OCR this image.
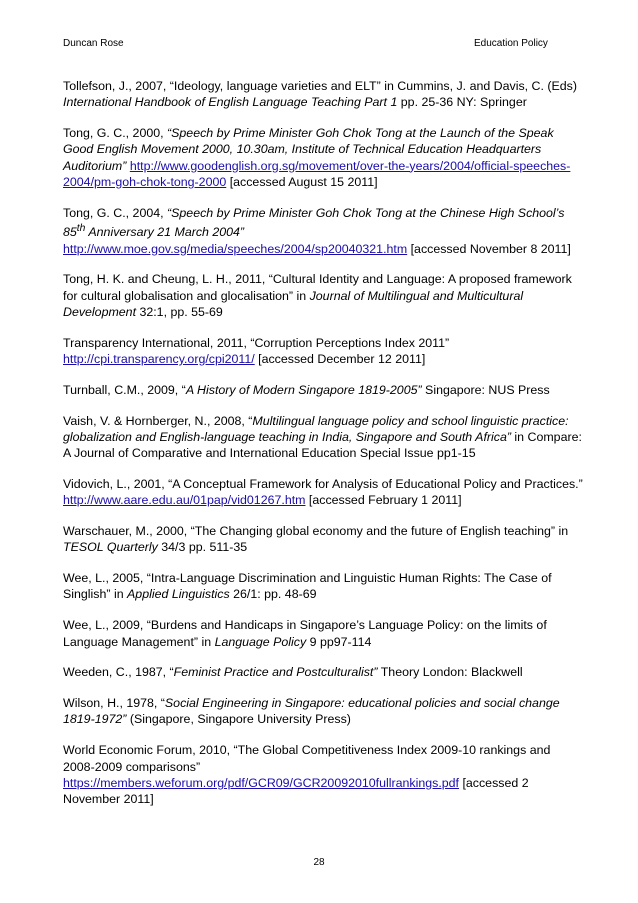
Duncan Rose	Education Policy

Tollefson, J., 2007, “Ideology, language varieties and ELT” in Cummins, J. and Davis, C. (Eds) International Handbook of English Language Teaching Part 1 pp. 25-36 NY: Springer

Tong, G. C., 2000, “Speech by Prime Minister Goh Chok Tong at the Launch of the Speak Good English Movement 2000, 10.30am, Institute of Technical Education Headquarters Auditorium” http://www.goodenglish.org.sg/movement/over-the-years/2004/official-speeches-2004/pm-goh-chok-tong-2000 [accessed August 15 2011]

Tong, G. C., 2004, “Speech by Prime Minister Goh Chok Tong at the Chinese High School’s 85th Anniversary 21 March 2004”
http://www.moe.gov.sg/media/speeches/2004/sp20040321.htm [accessed November 8 2011]

Tong, H. K. and Cheung, L. H., 2011, “Cultural Identity and Language: A proposed framework for cultural globalisation and glocalisation” in Journal of Multilingual and Multicultural Development 32:1, pp. 55-69

Transparency International, 2011, “Corruption Perceptions Index 2011”
http://cpi.transparency.org/cpi2011/ [accessed December 12 2011]

Turnball, C.M., 2009, “A History of Modern Singapore 1819-2005” Singapore: NUS Press

Vaish, V. & Hornberger, N., 2008, “Multilingual language policy and school linguistic practice: globalization and English-language teaching in India, Singapore and South Africa” in Compare: A Journal of Comparative and International Education Special Issue pp1-15

Vidovich, L., 2001, “A Conceptual Framework for Analysis of Educational Policy and Practices.” http://www.aare.edu.au/01pap/vid01267.htm [accessed February 1 2011]

Warschauer, M., 2000, “The Changing global economy and the future of English teaching” in TESOL Quarterly 34/3 pp. 511-35

Wee, L., 2005, “Intra-Language Discrimination and Linguistic Human Rights: The Case of Singlish” in Applied Linguistics 26/1: pp. 48-69

Wee, L., 2009, “Burdens and Handicaps in Singapore’s Language Policy: on the limits of Language Management” in Language Policy 9 pp97-114

Weeden, C., 1987, “Feminist Practice and Postculturalist” Theory London: Blackwell

Wilson, H., 1978, “Social Engineering in Singapore: educational policies and social change 1819-1972” (Singapore, Singapore University Press)

World Economic Forum, 2010, “The Global Competitiveness Index 2009-10 rankings and 2008-2009 comparisons”
https://members.weforum.org/pdf/GCR09/GCR20092010fullrankings.pdf [accessed 2 November 2011]

28
